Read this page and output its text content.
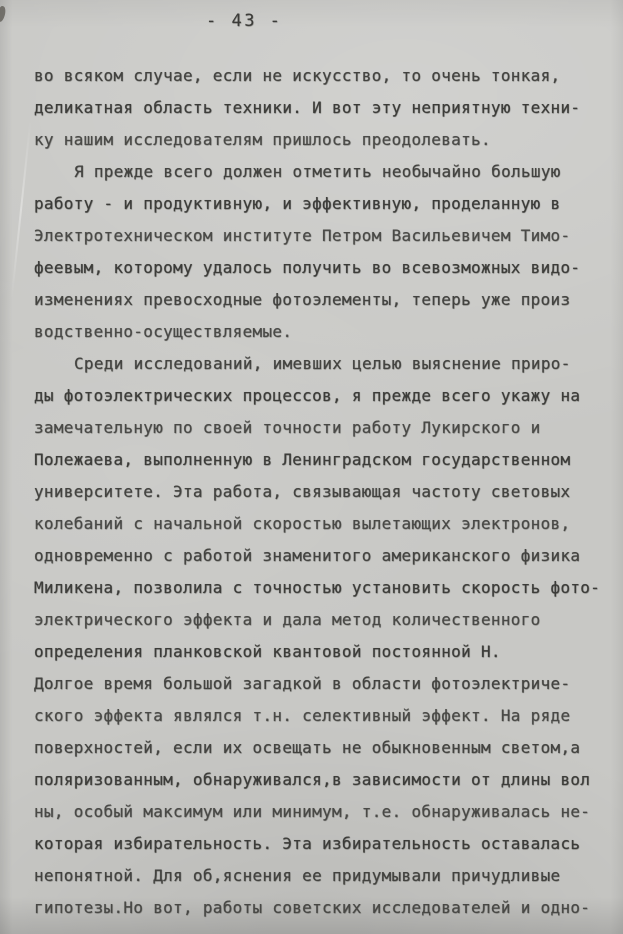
- 43 -
во всяком случае, если не искусство, то очень тонкая,
деликатная область техники. И вот эту неприятную техни-
ку нашим исследователям пришлось преодолевать.
Я прежде всего должен отметить необычайно большую
работу - и продуктивную, и эффективную, проделанную в
Электротехническом институте Петром Васильевичем Тимо-
феевым, которому удалось получить во всевозможных видо-
изменениях превосходные фотоэлементы, теперь уже произ
водственно-осуществляемые.
Среди исследований, имевших целью выяснение приро-
ды фотоэлектрических процессов, я прежде всего укажу на
замечательную по своей точности работу Лукирского и
Полежаева, выполненную в Ленинградском государственном
университете. Эта работа, связывающая частоту световых
колебаний с начальной скоростью вылетающих электронов,
одновременно с работой знаменитого американского физика
Миликена, позволила с точностью установить скорость фото-
электрического эффекта и дала метод количественного
определения планковской квантовой постоянной Н.
Долгое время большой загадкой в области фотоэлектриче-
ского эффекта являлся т.н. селективный эффект. На ряде
поверхностей, если их освещать не обыкновенным светом,а
поляризованным, обнаруживался,в зависимости от длины вол
ны, особый максимум или минимум, т.е. обнаруживалась не-
которая избирательность. Эта избирательность оставалась
непонятной. Для об,яснения ее придумывали причудливые
гипотезы.Но вот, работы советских исследователей и одно-
